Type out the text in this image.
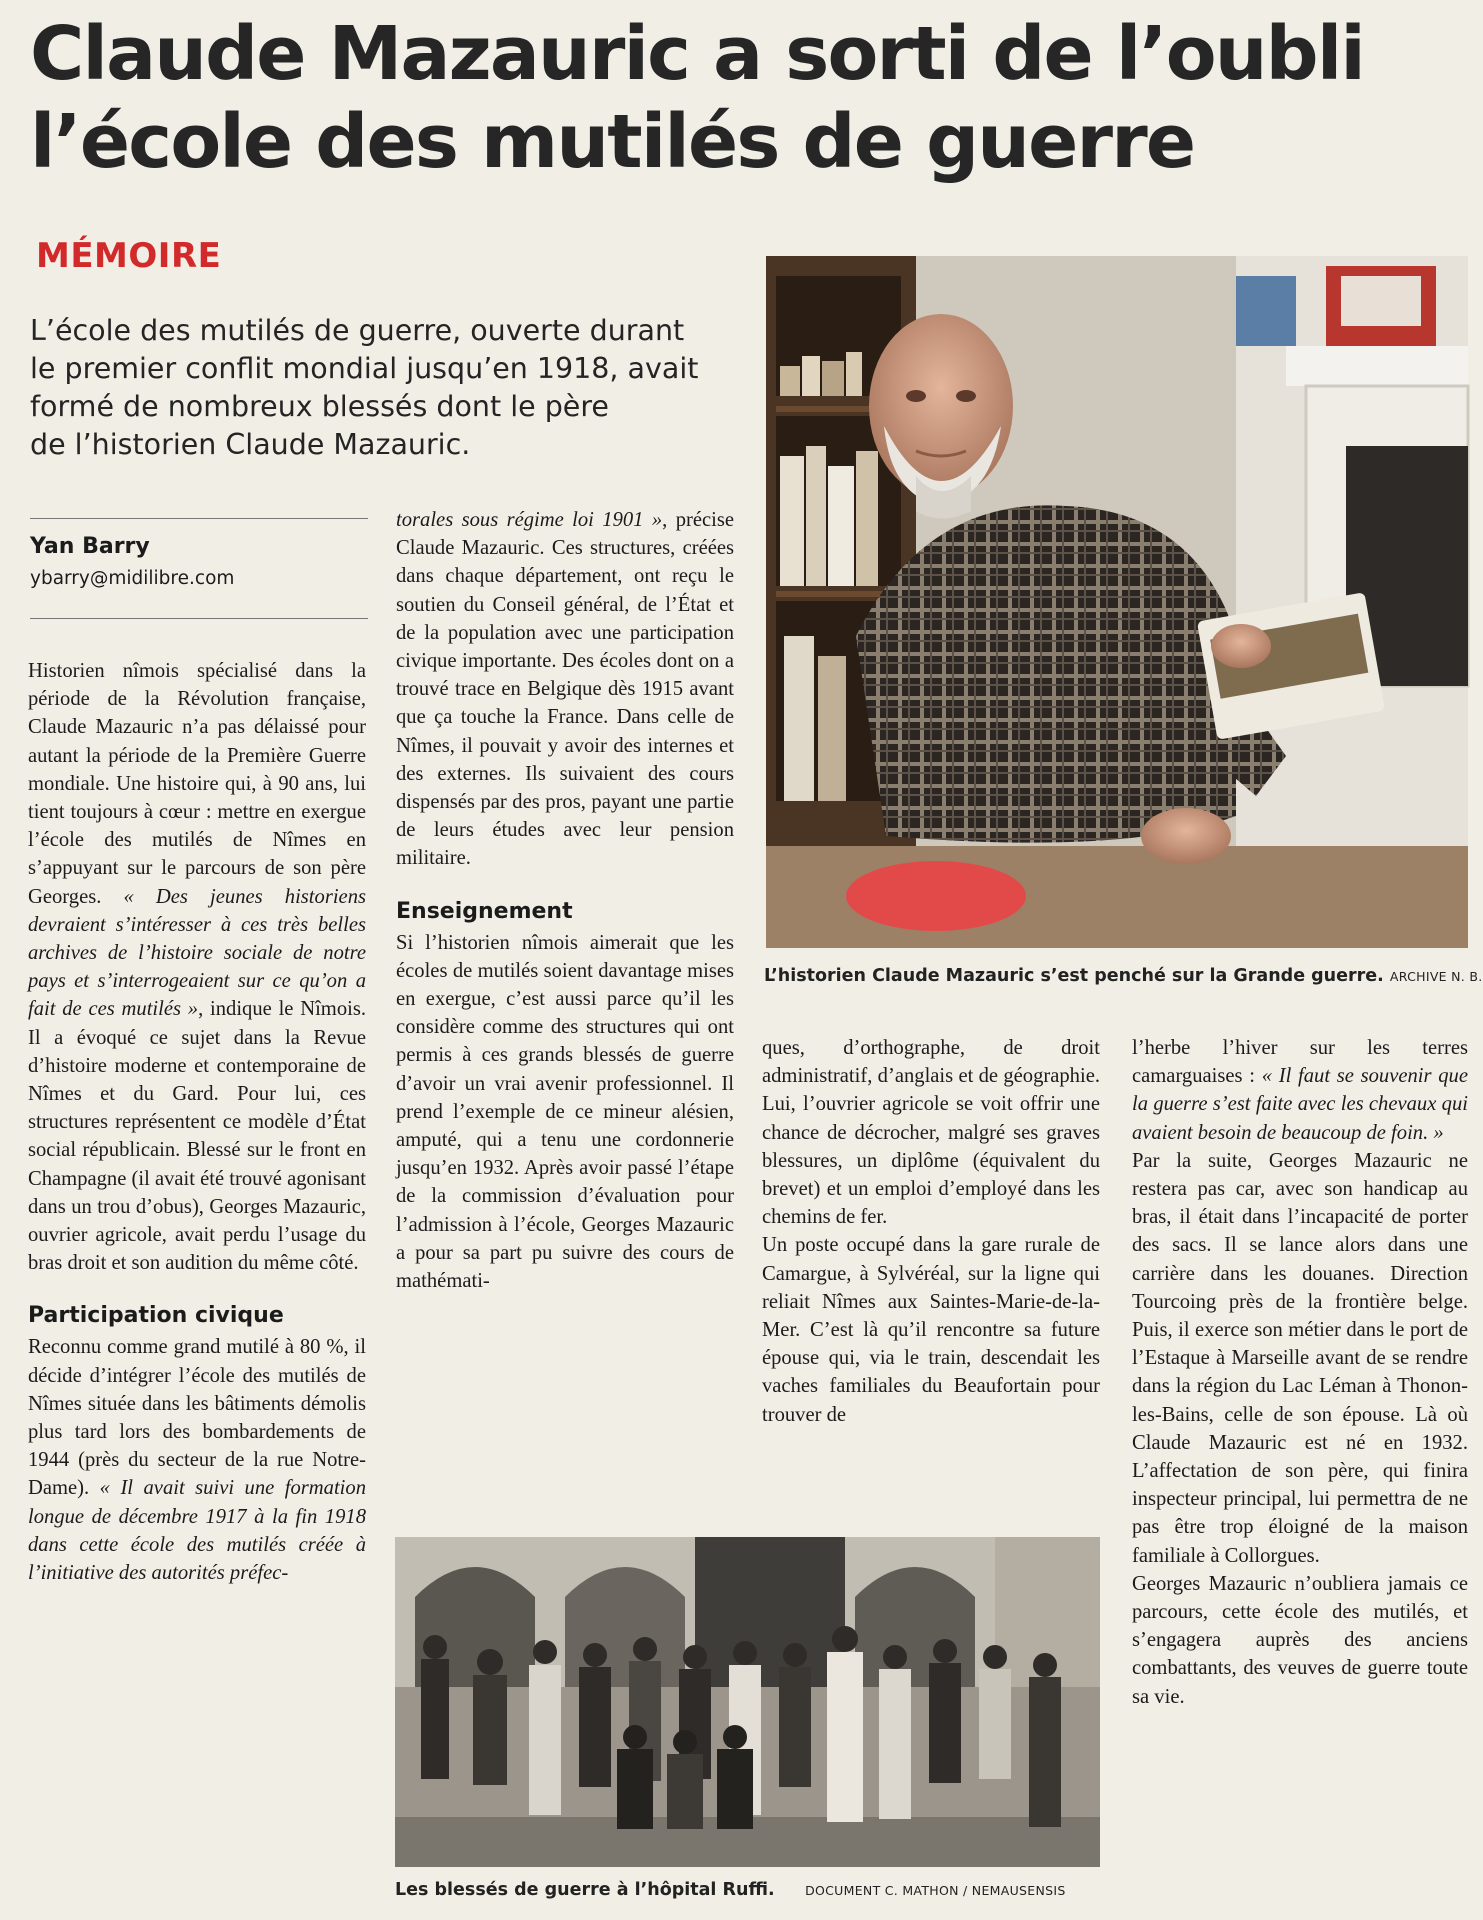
Claude Mazauric a sorti de l’oubli
l’école des mutilés de guerre
MÉMOIRE

L’école des mutilés de guerre, ouverte durant
le premier conflit mondial jusqu’en 1918, avait
formé de nombreux blessés dont le père
de l’historien Claude Mazauric.

Yan Barry
ybarry@midilibre.com

Historien nîmois spécialisé dans la période de la Révolution française, Claude Mazauric n’a pas délaissé pour autant la période de la Première Guerre mondiale. Une histoire qui, à 90 ans, lui tient toujours à cœur : mettre en exergue l’école des mutilés de Nîmes en s’appuyant sur le parcours de son père Georges. « Des jeunes historiens devraient s’intéresser à ces très belles archives de l’histoire sociale de notre pays et s’interrogeaient sur ce qu’on a fait de ces mutilés », indique le Nîmois. Il a évoqué ce sujet dans la Revue d’histoire moderne et contemporaine de Nîmes et du Gard. Pour lui, ces structures représentent ce modèle d’État social républicain. Blessé sur le front en Champagne (il avait été trouvé agonisant dans un trou d’obus), Georges Mazauric, ouvrier agricole, avait perdu l’usage du bras droit et son audition du même côté.

Participation civique

Reconnu comme grand mutilé à 80 %, il décide d’intégrer l’école des mutilés de Nîmes située dans les bâtiments démolis plus tard lors des bombardements de 1944 (près du secteur de la rue Notre-Dame). « Il avait suivi une formation longue de décembre 1917 à la fin 1918 dans cette école des mutilés créée à l’initiative des autorités préfec-

torales sous régime loi 1901 », précise Claude Mazauric. Ces structures, créées dans chaque département, ont reçu le soutien du Conseil général, de l’État et de la population avec une participation civique importante. Des écoles dont on a trouvé trace en Belgique dès 1915 avant que ça touche la France. Dans celle de Nîmes, il pouvait y avoir des internes et des externes. Ils suivaient des cours dispensés par des pros, payant une partie de leurs études avec leur pension militaire.

Enseignement

Si l’historien nîmois aimerait que les écoles de mutilés soient davantage mises en exergue, c’est aussi parce qu’il les considère comme des structures qui ont permis à ces grands blessés de guerre d’avoir un vrai avenir professionnel. Il prend l’exemple de ce mineur alésien, amputé, qui a tenu une cordonnerie jusqu’en 1932. Après avoir passé l’étape de la commission d’évaluation pour l’admission à l’école, Georges Mazauric a pour sa part pu suivre des cours de mathémati-

L’historien Claude Mazauric s’est penché sur la Grande guerre. ARCHIVE N. B.

ques, d’orthographe, de droit administratif, d’anglais et de géographie. Lui, l’ouvrier agricole se voit offrir une chance de décrocher, malgré ses graves blessures, un diplôme (équivalent du brevet) et un emploi d’employé dans les chemins de fer.

Un poste occupé dans la gare rurale de Camargue, à Sylvéréal, sur la ligne qui reliait Nîmes aux Saintes-Marie-de-la-Mer. C’est là qu’il rencontre sa future épouse qui, via le train, descendait les vaches familiales du Beaufortain pour trouver de

l’herbe l’hiver sur les terres camarguaises : « Il faut se souvenir que la guerre s’est faite avec les chevaux qui avaient besoin de beaucoup de foin. »

Par la suite, Georges Mazauric ne restera pas car, avec son handicap au bras, il était dans l’incapacité de porter des sacs. Il se lance alors dans une carrière dans les douanes. Direction Tourcoing près de la frontière belge. Puis, il exerce son métier dans le port de l’Estaque à Marseille avant de se rendre dans la région du Lac Léman à Thonon-les-Bains, celle de son épouse. Là où Claude Mazauric est né en 1932. L’affectation de son père, qui finira inspecteur principal, lui permettra de ne pas être trop éloigné de la maison familiale à Collorgues.

Georges Mazauric n’oubliera jamais ce parcours, cette école des mutilés, et s’engagera auprès des anciens combattants, des veuves de guerre toute sa vie.

Les blessés de guerre à l’hôpital Ruffi. DOCUMENT C. MATHON / NEMAUSENSIS
